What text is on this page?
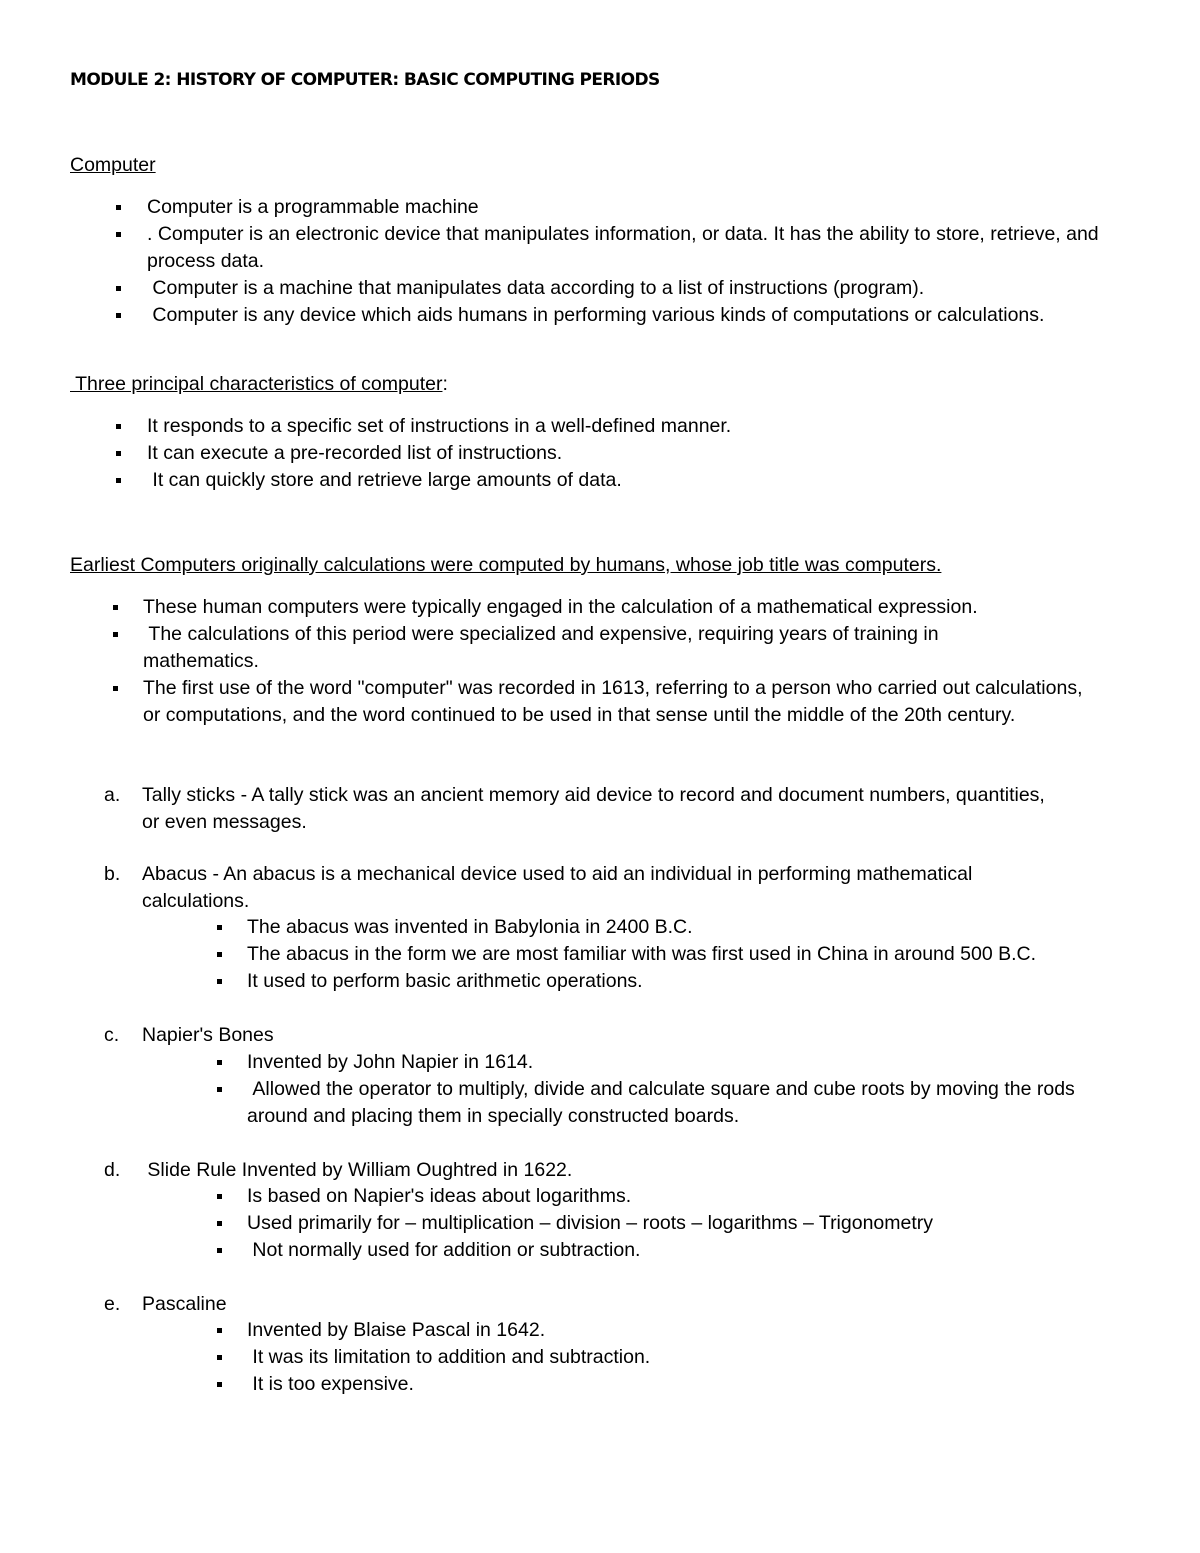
MODULE 2: HISTORY OF COMPUTER: BASIC COMPUTING PERIODS
Computer
Computer is a programmable machine
. Computer is an electronic device that manipulates information, or data. It has the ability to store, retrieve, and process data.
Computer is a machine that manipulates data according to a list of instructions (program).
Computer is any device which aids humans in performing various kinds of computations or calculations.
Three principal characteristics of computer:
It responds to a specific set of instructions in a well-defined manner.
It can execute a pre-recorded list of instructions.
It can quickly store and retrieve large amounts of data.
Earliest Computers originally calculations were computed by humans, whose job title was computers.
These human computers were typically engaged in the calculation of a mathematical expression.
The calculations of this period were specialized and expensive, requiring years of training in mathematics.
The first use of the word "computer" was recorded in 1613, referring to a person who carried out calculations, or computations, and the word continued to be used in that sense until the middle of the 20th century.
a. Tally sticks - A tally stick was an ancient memory aid device to record and document numbers, quantities, or even messages.
b. Abacus - An abacus is a mechanical device used to aid an individual in performing mathematical calculations.
The abacus was invented in Babylonia in 2400 B.C.
The abacus in the form we are most familiar with was first used in China in around 500 B.C.
It used to perform basic arithmetic operations.
c. Napier's Bones
Invented by John Napier in 1614.
Allowed the operator to multiply, divide and calculate square and cube roots by moving the rods around and placing them in specially constructed boards.
d. Slide Rule Invented by William Oughtred in 1622.
Is based on Napier's ideas about logarithms.
Used primarily for – multiplication – division – roots – logarithms – Trigonometry
Not normally used for addition or subtraction.
e. Pascaline
Invented by Blaise Pascal in 1642.
It was its limitation to addition and subtraction.
It is too expensive.
